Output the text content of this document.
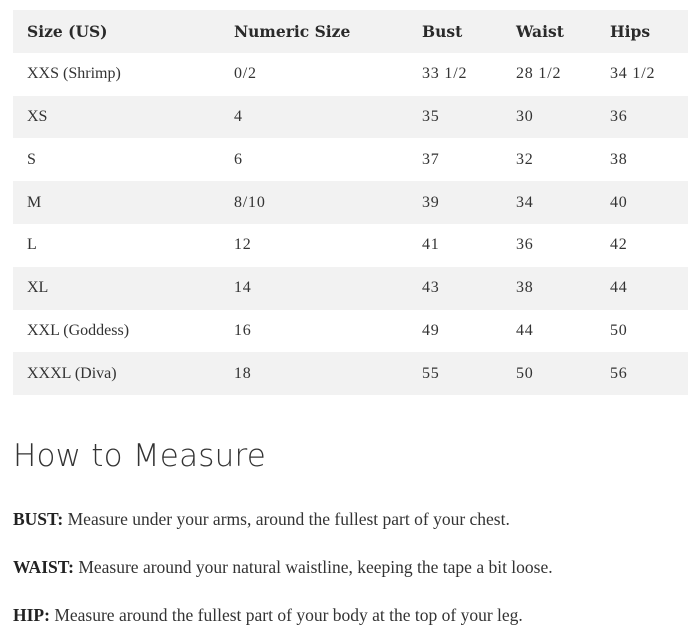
Size (US)	Numeric Size	Bust	Waist	Hips
XXS (Shrimp)	0/2	33 1/2	28 1/2	34 1/2
XS	4	35	30	36
S	6	37	32	38
M	8/10	39	34	40
L	12	41	36	42
XL	14	43	38	44
XXL (Goddess)	16	49	44	50
XXXL (Diva)	18	55	50	56
How to Measure

BUST: Measure under your arms, around the fullest part of your chest.

WAIST: Measure around your natural waistline, keeping the tape a bit loose.

HIP: Measure around the fullest part of your body at the top of your leg.
